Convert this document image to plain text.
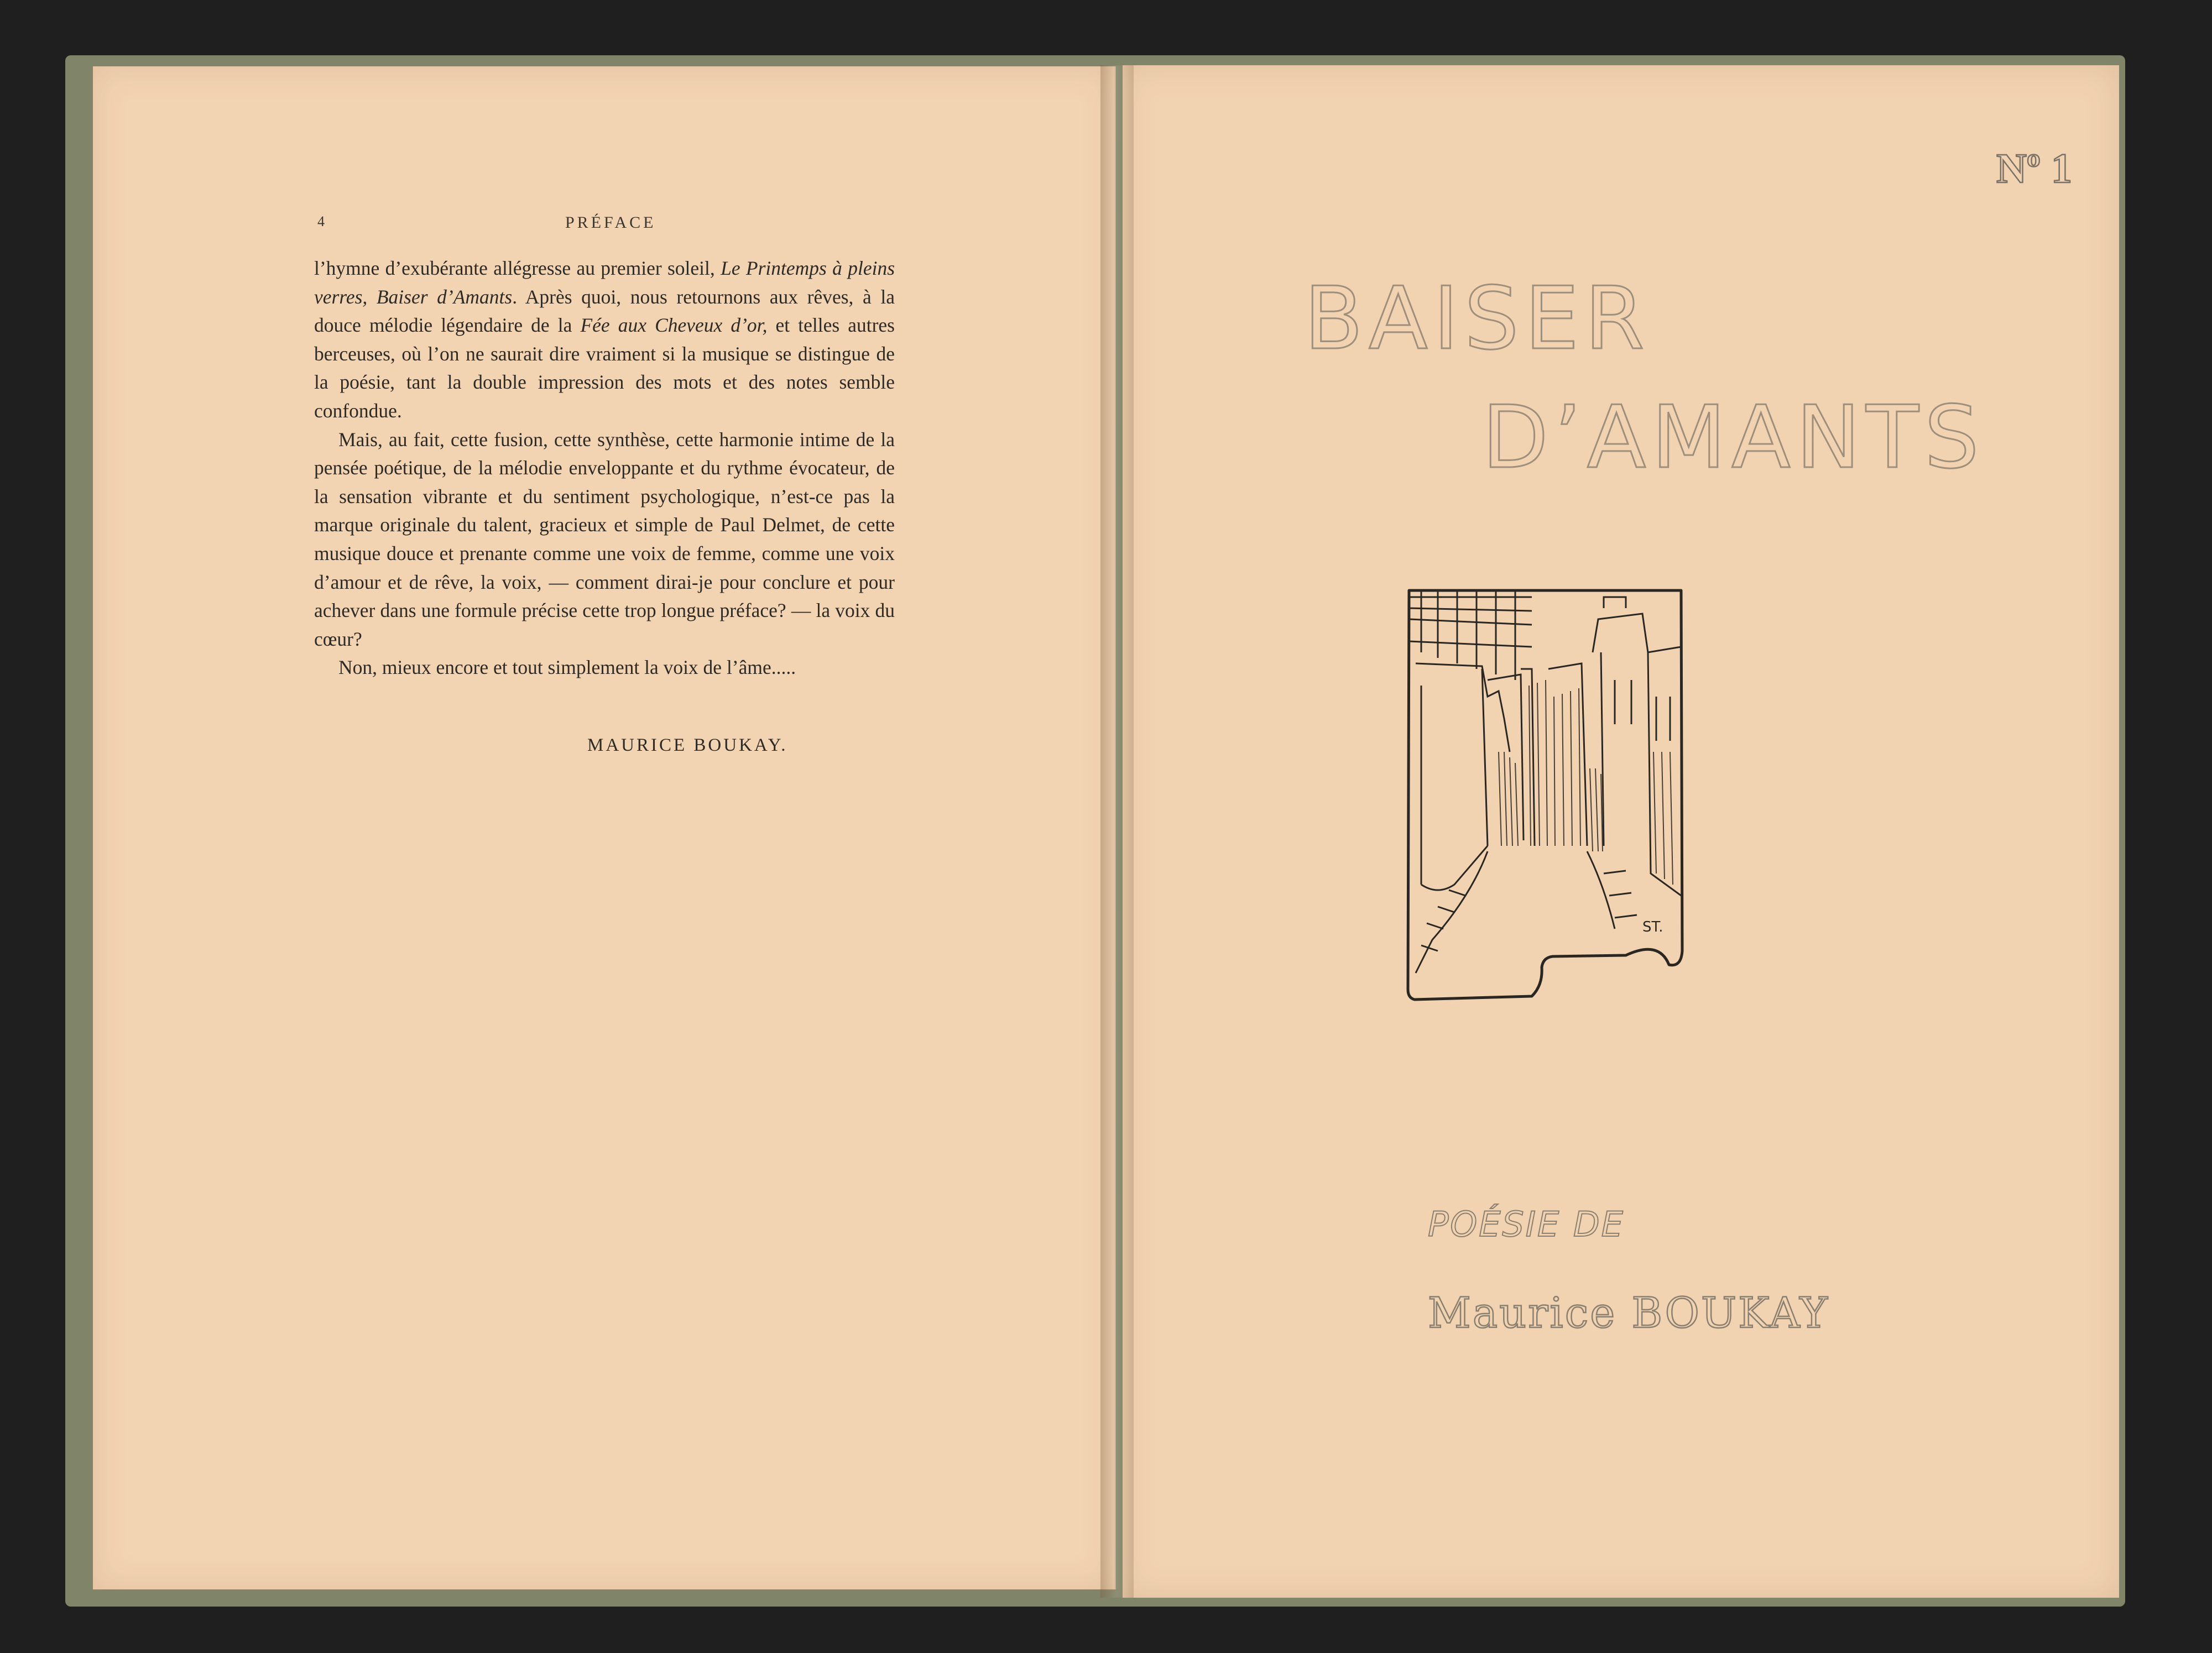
4	PRÉFACE

l’hymne d’exubérante allégresse au premier soleil, Le Printemps à pleins verres, Baiser d’Amants. Après quoi, nous retournons aux rêves, à la douce mélodie légendaire de la Fée aux Cheveux d’or, et telles autres berceuses, où l’on ne saurait dire vraiment si la musique se distingue de la poésie, tant la double impression des mots et des notes semble confondue.

Mais, au fait, cette fusion, cette synthèse, cette harmonie intime de la pensée poétique, de la mélodie enveloppante et du rythme évocateur, de la sensation vibrante et du sentiment psychologique, n’est-ce pas la marque originale du talent, gracieux et simple de Paul Delmet, de cette musique douce et prenante comme une voix de femme, comme une voix d’amour et de rêve, la voix, — comment dirai-je pour conclure et pour achever dans une formule précise cette trop longue préface? — la voix du cœur?

Non, mieux encore et tout simplement la voix de l’âme.....

MAURICE BOUKAY.
Nº 1
BAISER
D’AMANTS
ST.
POÉSIE DE
Maurice BOUKAY
